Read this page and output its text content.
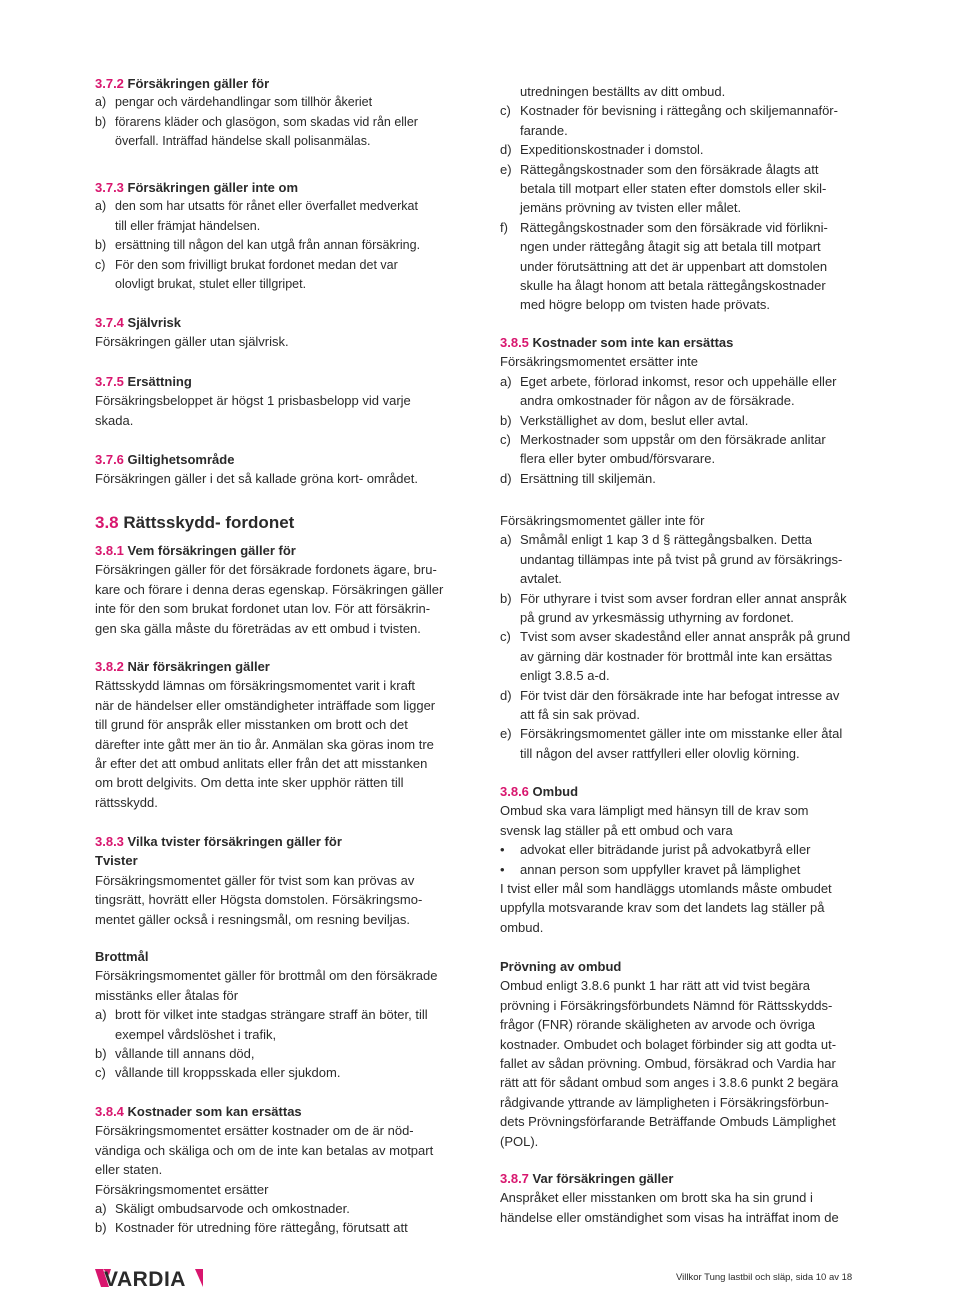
3.7.2 Försäkringen gäller för
a) pengar och värdehandlingar som tillhör åkeriet
b) förarens kläder och glasögon, som skadas vid rån eller
överfall. Inträffad händelse skall polisanmälas.
3.7.3 Försäkringen gäller inte om
a) den som har utsatts för rånet eller överfallet medverkat
till eller främjat händelsen.
b) ersättning till någon del kan utgå från annan försäkring.
c) För den som frivilligt brukat fordonet medan det var
olovligt brukat, stulet eller tillgripet.
3.7.4 Självrisk
Försäkringen gäller utan självrisk.
3.7.5 Ersättning
Försäkringsbeloppet är högst 1 prisbasbelopp vid varje
skada.
3.7.6 Giltighetsområde
Försäkringen gäller i det så kallade gröna kort- området.
3.8 Rättsskydd- fordonet
3.8.1 Vem försäkringen gäller för
Försäkringen gäller för det försäkrade fordonets ägare, bru-
kare och förare i denna deras egenskap. Försäkringen gäller
inte för den som brukat fordonet utan lov. För att försäkrin-
gen ska gälla måste du företrädas av ett ombud i tvisten.
3.8.2 När försäkringen gäller
Rättsskydd lämnas om försäkringsmomentet varit i kraft
när de händelser eller omständigheter inträffade som ligger
till grund för anspråk eller misstanken om brott och det
därefter inte gått mer än tio år. Anmälan ska göras inom tre
år efter det att ombud anlitats eller från det att misstanken
om brott delgivits. Om detta inte sker upphör rätten till
rättsskydd.
3.8.3 Vilka tvister försäkringen gäller för
Tvister
Försäkringsmomentet gäller för tvist som kan prövas av
tingsrätt, hovrätt eller Högsta domstolen. Försäkringsmo-
mentet gäller också i resningsmål, om resning beviljas.
Brottmål
Försäkringsmomentet gäller för brottmål om den försäkrade
misstänks eller åtalas för
a) brott för vilket inte stadgas strängare straff än böter, till
exempel vårdslöshet i trafik,
b) vållande till annans död,
c) vållande till kroppsskada eller sjukdom.
3.8.4 Kostnader som kan ersättas
Försäkringsmomentet ersätter kostnader om de är nöd-
vändiga och skäliga och om de inte kan betalas av motpart
eller staten.
Försäkringsmomentet ersätter
a) Skäligt ombudsarvode och omkostnader.
b) Kostnader för utredning före rättegång, förutsatt att
utredningen beställts av ditt ombud.
c) Kostnader för bevisning i rättegång och skiljemannaför-
farande.
d) Expeditionskostnader i domstol.
e) Rättegångskostnader som den försäkrade ålagts att
betala till motpart eller staten efter domstols eller skil-
jemäns prövning av tvisten eller målet.
f) Rättegångskostnader som den försäkrade vid förlikni-
ngen under rättegång åtagit sig att betala till motpart
under förutsättning att det är uppenbart att domstolen
skulle ha ålagt honom att betala rättegångskostnader
med högre belopp om tvisten hade prövats.
3.8.5 Kostnader som inte kan ersättas
Försäkringsmomentet ersätter inte
a) Eget arbete, förlorad inkomst, resor och uppehälle eller
andra omkostnader för någon av de försäkrade.
b) Verkställighet av dom, beslut eller avtal.
c) Merkostnader som uppstår om den försäkrade anlitar
flera eller byter ombud/försvarare.
d) Ersättning till skiljemän.
Försäkringsmomentet gäller inte för
a) Småmål enligt 1 kap 3 d § rättegångsbalken. Detta
undantag tillämpas inte på tvist på grund av försäkrings-
avtalet.
b) För uthyrare i tvist som avser fordran eller annat anspråk
på grund av yrkesmässig uthyrning av fordonet.
c) Tvist som avser skadestånd eller annat anspråk på grund
av gärning där kostnader för brottmål inte kan ersättas
enligt 3.8.5 a-d.
d) För tvist där den försäkrade inte har befogat intresse av
att få sin sak prövad.
e) Försäkringsmomentet gäller inte om misstanke eller åtal
till någon del avser rattfylleri eller olovlig körning.
3.8.6 Ombud
Ombud ska vara lämpligt med hänsyn till de krav som
svensk lag ställer på ett ombud och vara
• advokat eller biträdande jurist på advokatbyrå eller
• annan person som uppfyller kravet på lämplighet
I tvist eller mål som handläggs utomlands måste ombudet
uppfylla motsvarande krav som det landets lag ställer på
ombud.
Prövning av ombud
Ombud enligt 3.8.6 punkt 1 har rätt att vid tvist begära
prövning i Försäkringsförbundets Nämnd för Rättsskydds-
frågor (FNR) rörande skäligheten av arvode och övriga
kostnader. Ombudet och bolaget förbinder sig att godta ut-
fallet av sådan prövning. Ombud, försäkrad och Vardia har
rätt att för sådant ombud som anges i 3.8.6 punkt 2 begära
rådgivande yttrande av lämpligheten i Försäkringsförbun-
dets Prövningsförfarande Beträffande Ombuds Lämplighet
(POL).
3.8.7 Var försäkringen gäller
Anspråket eller misstanken om brott ska ha sin grund i
händelse eller omständighet som visas ha inträffat inom de
VARDIA	Villkor Tung lastbil och släp, sida 10 av 18
